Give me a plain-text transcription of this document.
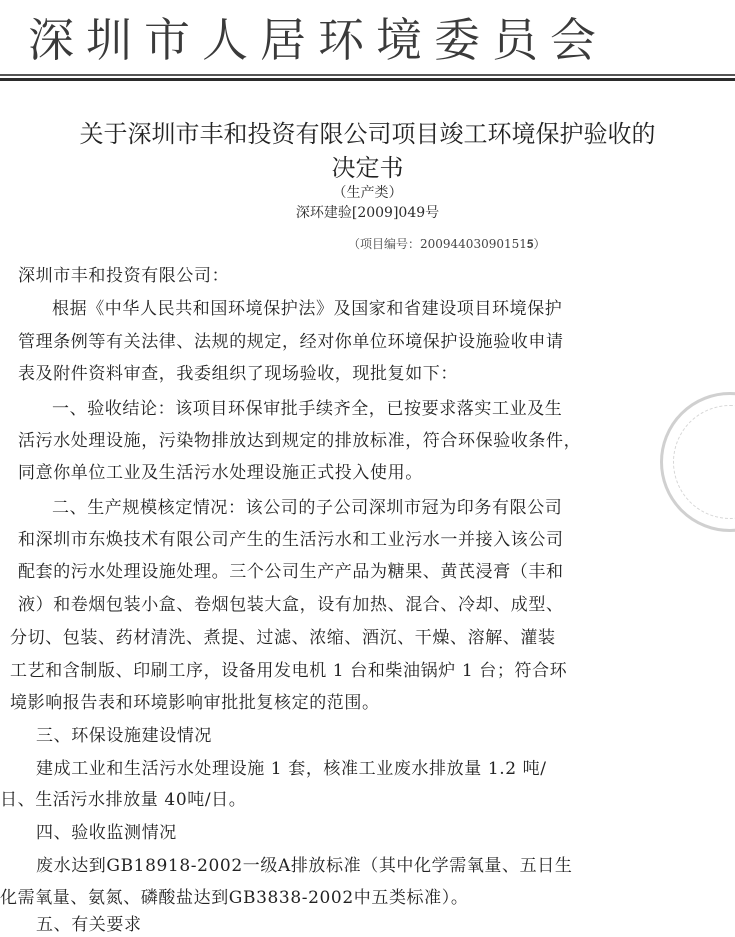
深圳市人居环境委员会
关于深圳市丰和投资有限公司项目竣工环境保护验收的
决定书
（生产类）
深环建验[2009]049号
（项目编号：20094403090151𝟓）
深圳市丰和投资有限公司：
根据《中华人民共和国环境保护法》及国家和省建设项目环境保护
管理条例等有关法律、法规的规定，经对你单位环境保护设施验收申请
表及附件资料审查，我委组织了现场验收，现批复如下：
一、验收结论：该项目环保审批手续齐全，已按要求落实工业及生
活污水处理设施，污染物排放达到规定的排放标准，符合环保验收条件，
同意你单位工业及生活污水处理设施正式投入使用。
二、生产规模核定情况：该公司的子公司深圳市冠为印务有限公司
和深圳市东焕技术有限公司产生的生活污水和工业污水一并接入该公司
配套的污水处理设施处理。三个公司生产产品为糖果、黄芪浸膏（丰和
液）和卷烟包装小盒、卷烟包装大盒，设有加热、混合、冷却、成型、
分切、包装、药材清洗、煮提、过滤、浓缩、酒沉、干燥、溶解、灌装
工艺和含制版、印刷工序，设备用发电机 1 台和柴油锅炉 1 台；符合环
境影响报告表和环境影响审批批复核定的范围。
三、环保设施建设情况
建成工业和生活污水处理设施 1 套，核准工业废水排放量 1.2 吨/
日、生活污水排放量 40吨/日。
四、验收监测情况
废水达到GB18918-2002一级A排放标准（其中化学需氧量、五日生
化需氧量、氨氮、磷酸盐达到GB3838-2002中五类标准）。
五、有关要求
